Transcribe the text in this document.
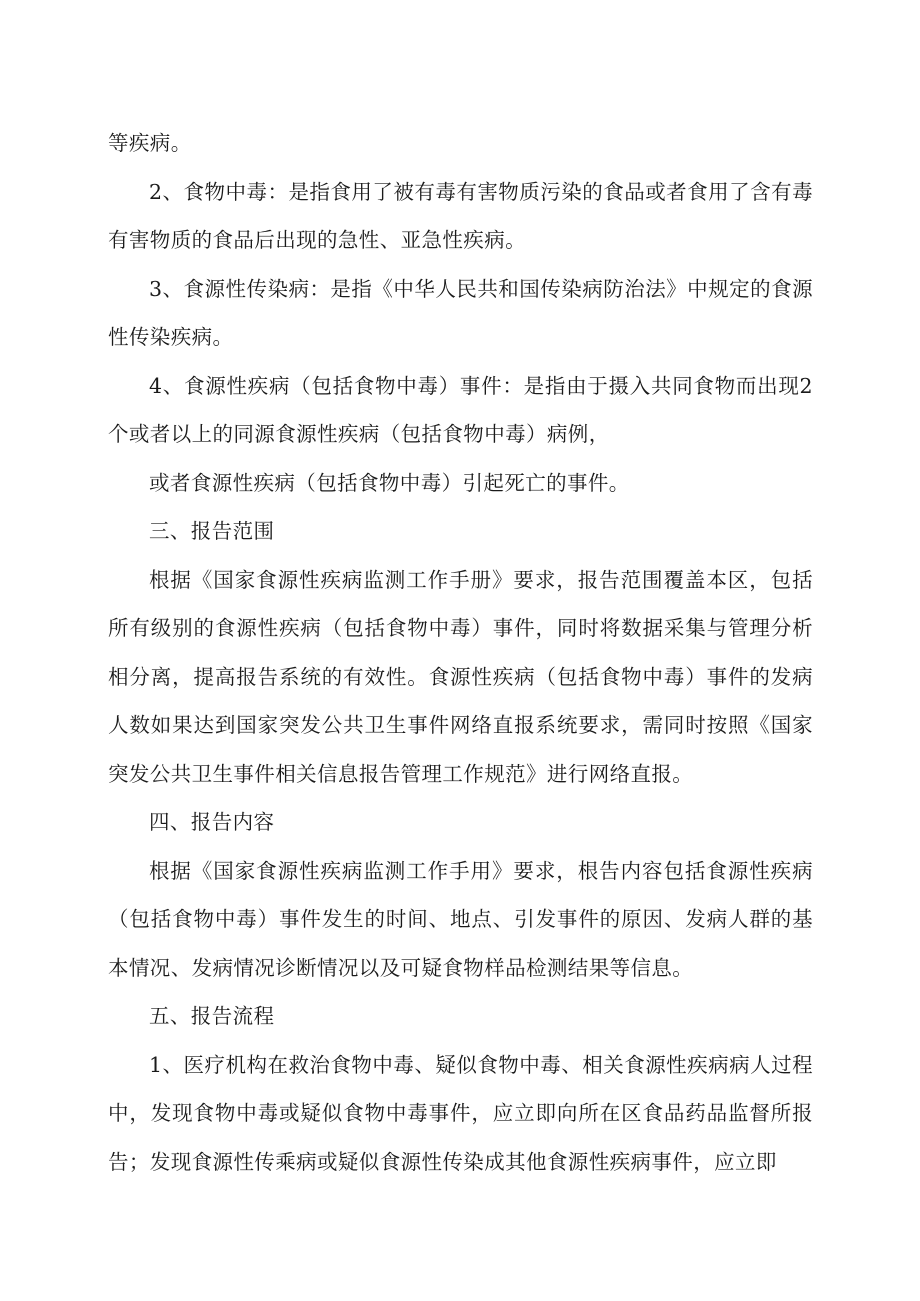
等疾病。

2、食物中毒：是指食用了被有毒有害物质污染的食品或者食用了含有毒有害物质的食品后出现的急性、亚急性疾病。

3、食源性传染病：是指《中华人民共和国传染病防治法》中规定的食源性传染疾病。

4、食源性疾病（包括食物中毒）事件：是指由于摄入共同食物而出现2个或者以上的同源食源性疾病（包括食物中毒）病例，

或者食源性疾病（包括食物中毒）引起死亡的事件。

三、报告范围

根据《国家食源性疾病监测工作手册》要求，报告范围覆盖本区，包括所有级别的食源性疾病（包括食物中毒）事件，同时将数据采集与管理分析相分离，提高报告系统的有效性。食源性疾病（包括食物中毒）事件的发病人数如果达到国家突发公共卫生事件网络直报系统要求，需同时按照《国家突发公共卫生事件相关信息报告管理工作规范》进行网络直报。

四、报告内容

根据《国家食源性疾病监测工作手用》要求，根告内容包括食源性疾病（包括食物中毒）事件发生的时间、地点、引发事件的原因、发病人群的基本情况、发病情况诊断情况以及可疑食物样品检测结果等信息。

五、报告流程

1、医疗机构在救治食物中毒、疑似食物中毒、相关食源性疾病病人过程中，发现食物中毒或疑似食物中毒事件，应立即向所在区食品药品监督所报告；发现食源性传乘病或疑似食源性传染成其他食源性疾病事件，应立即
